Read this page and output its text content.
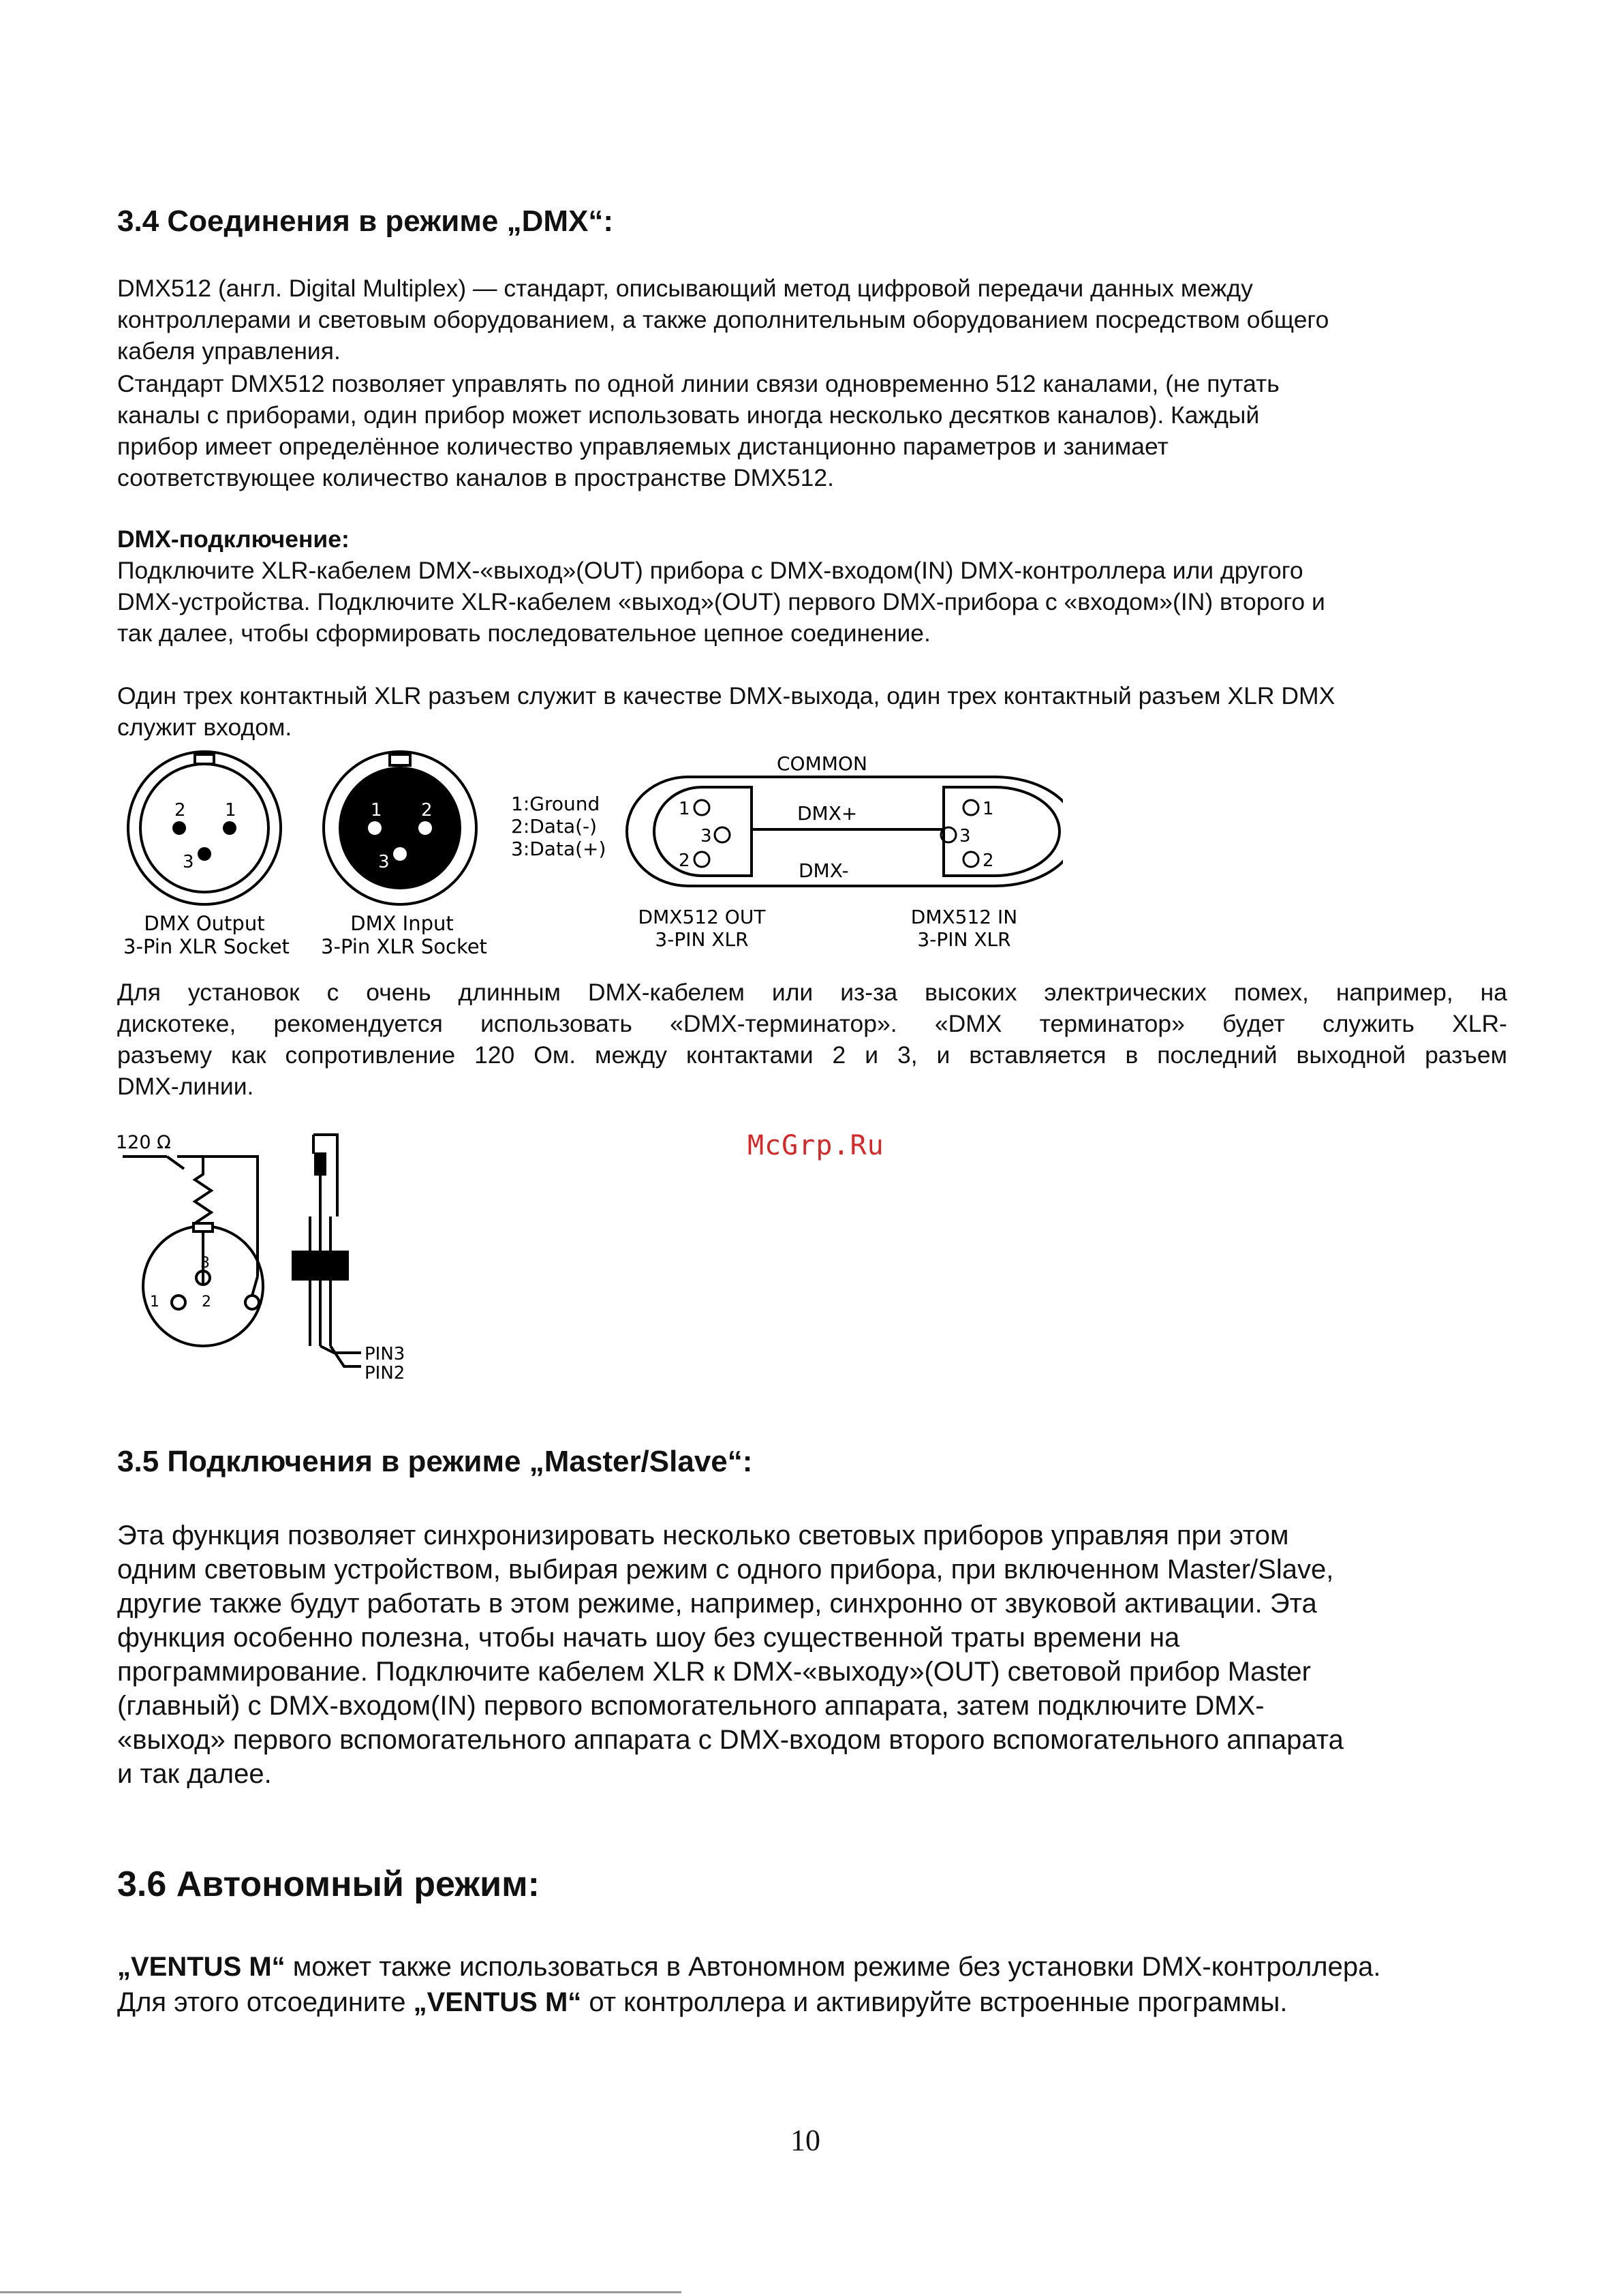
3.4 Соединения в режиме „DMX“:

DMX512 (англ. Digital Multiplex) — стандарт, описывающий метод цифровой передачи данных между
контроллерами и световым оборудованием, а также дополнительным оборудованием посредством общего
кабеля управления.

Стандарт DMX512 позволяет управлять по одной линии связи одновременно 512 каналами, (не путать
каналы с приборами, один прибор может использовать иногда несколько десятков каналов). Каждый
прибор имеет определённое количество управляемых дистанционно параметров и занимает
соответствующее количество каналов в пространстве DMX512.

DMX-подключение:

Подключите XLR-кабелем DMX-«выход»(OUT) прибора с DMX-входом(IN) DMX-контроллера или другого
DMX-устройства. Подключите XLR-кабелем «выход»(OUT) первого DMX-прибора с «входом»(IN) второго и
так далее, чтобы сформировать последовательное цепное соединение.

Один трех контактный XLR разъем служит в качестве DMX-выхода, один трех контактный разъем XLR DMX
служит входом.

2 1
3
1 2
3
1:Ground
2:Data(-)
3:Data(+)
1
3
2
1
3
2
COMMON
DMX+
DMX-
DMX Output
3-Pin XLR Socket
DMX Input
3-Pin XLR Socket
DMX512 OUT
3-PIN XLR
DMX512 IN
3-PIN XLR

Для установок с очень длинным DMX-кабелем или из-за высоких электрических помех, например, на
дискотеке, рекомендуется использовать «DMX-терминатор». «DMX терминатор» будет служить XLR-
разъему как сопротивление 120 Ом. между контактами 2 и 3, и вставляется в последний выходной разъем
DMX-линии.

120 Ω
3
1	2
PIN3
PIN2
McGrp.Ru
3.5 Подключения в режиме „Master/Slave“:

Эта функция позволяет синхронизировать несколько световых приборов управляя при этом
одним световым устройством, выбирая режим с одного прибора, при включенном Master/Slave,
другие также будут работать в этом режиме, например, синхронно от звуковой активации. Эта
функция особенно полезна, чтобы начать шоу без существенной траты времени на
программирование. Подключите кабелем XLR к DMX-«выходу»(OUT) световой прибор Master
(главный) с DMX-входом(IN) первого вспомогательного аппарата, затем подключите DMX-
«выход» первого вспомогательного аппарата с DMX-входом второго вспомогательного аппарата
и так далее.

3.6 Автономный режим:

„VENTUS M“ может также использоваться в Автономном режиме без установки DMX-контроллера.
Для этого отсоедините „VENTUS M“ от контроллера и активируйте встроенные программы.

10
